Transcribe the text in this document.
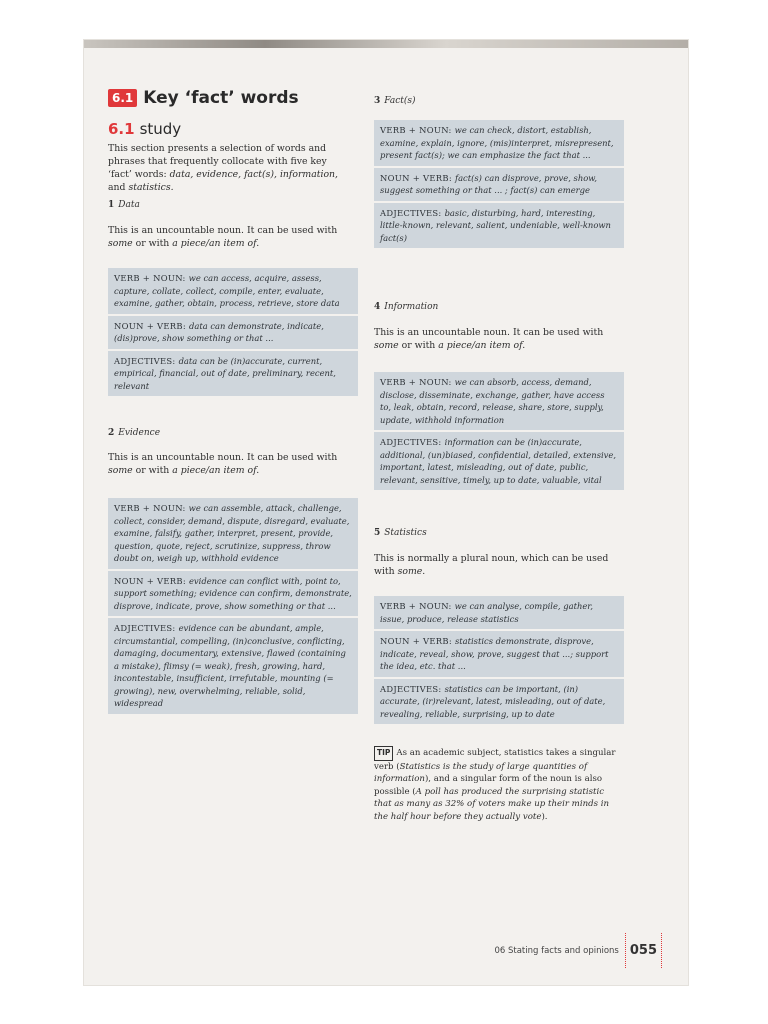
6.1 Key ‘fact’ words
6.1 study
This section presents a selection of words and phrases that frequently collocate with five key ‘fact’ words: data, evidence, fact(s), information, and statistics.
1 Data
This is an uncountable noun. It can be used with some or with a piece/an item of.
VERB + NOUN: we can access, acquire, assess, capture, collate, collect, compile, enter, evaluate, examine, gather, obtain, process, retrieve, store data
NOUN + VERB: data can demonstrate, indicate, (dis)prove, show something or that ...
ADJECTIVES: data can be (in)accurate, current, empirical, financial, out of date, preliminary, recent, relevant
2 Evidence
This is an uncountable noun. It can be used with some or with a piece/an item of.
VERB + NOUN: we can assemble, attack, challenge, collect, consider, demand, dispute, disregard, evaluate, examine, falsify, gather, interpret, present, provide, question, quote, reject, scrutinize, suppress, throw doubt on, weigh up, withhold evidence
NOUN + VERB: evidence can conflict with, point to, support something; evidence can confirm, demonstrate, disprove, indicate, prove, show something or that ...
ADJECTIVES: evidence can be abundant, ample, circumstantial, compelling, (in)conclusive, conflicting, damaging, documentary, extensive, flawed (containing a mistake), flimsy (= weak), fresh, growing, hard, incontestable, insufficient, irrefutable, mounting (= growing), new, overwhelming, reliable, solid, widespread
3 Fact(s)
VERB + NOUN: we can check, distort, establish, examine, explain, ignore, (mis)interpret, misrepresent, present fact(s); we can emphasize the fact that ...
NOUN + VERB: fact(s) can disprove, prove, show, suggest something or that ... ; fact(s) can emerge
ADJECTIVES: basic, disturbing, hard, interesting, little-known, relevant, salient, undeniable, well-known fact(s)
4 Information
This is an uncountable noun. It can be used with some or with a piece/an item of.
VERB + NOUN: we can absorb, access, demand, disclose, disseminate, exchange, gather, have access to, leak, obtain, record, release, share, store, supply, update, withhold information
ADJECTIVES: information can be (in)accurate, additional, (un)biased, confidential, detailed, extensive, important, latest, misleading, out of date, public, relevant, sensitive, timely, up to date, valuable, vital
5 Statistics
This is normally a plural noun, which can be used with some.
VERB + NOUN: we can analyse, compile, gather, issue, produce, release statistics
NOUN + VERB: statistics demonstrate, disprove, indicate, reveal, show, prove, suggest that ...; support the idea, etc. that ...
ADJECTIVES: statistics can be important, (in) accurate, (ir)relevant, latest, misleading, out of date, revealing, reliable, surprising, up to date
TIP As an academic subject, statistics takes a singular verb (Statistics is the study of large quantities of information), and a singular form of the noun is also possible (A poll has produced the surprising statistic that as many as 32% of voters make up their minds in the half hour before they actually vote).
06 Stating facts and opinions 055
